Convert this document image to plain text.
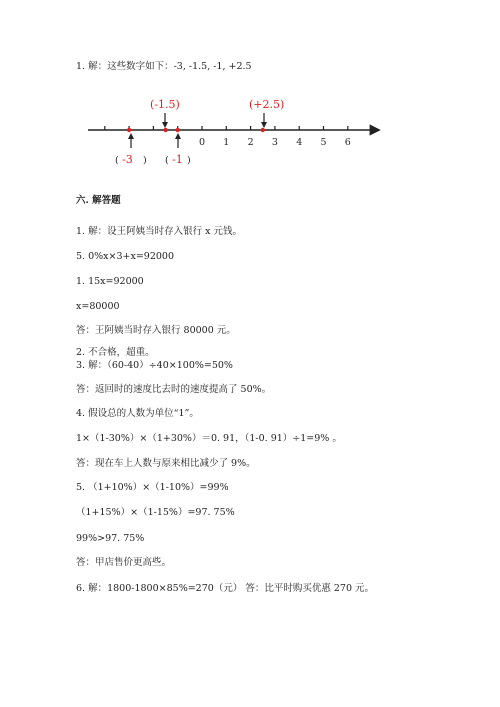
1. 解：这些数字如下：-3, -1.5, -1, +2.5
0 1 2 3 4 5 6
(-1.5)	(+2.5)
( -3 ) ( -1 )
六. 解答题
1. 解：设王阿姨当时存入银行 x 元钱。
5. 0%x×3+x=92000
1. 15x=92000
x=80000
答：王阿姨当时存入银行 80000 元。
2. 不合格，超重。
3. 解：（60-40）÷40×100%=50%
答：返回时的速度比去时的速度提高了 50%。
4. 假设总的人数为单位“1”。
1×（1-30%）×（1+30%）＝0. 91，（1-0. 91）÷1=9% 。
答：现在车上人数与原来相比减少了 9%。
5. （1+10%）×（1-10%）=99%
（1+15%）×（1-15%）=97. 75%
99%>97. 75%
答：甲店售价更高些。
6. 解：1800-1800×85%=270（元） 答：比平时购买优惠 270 元。
